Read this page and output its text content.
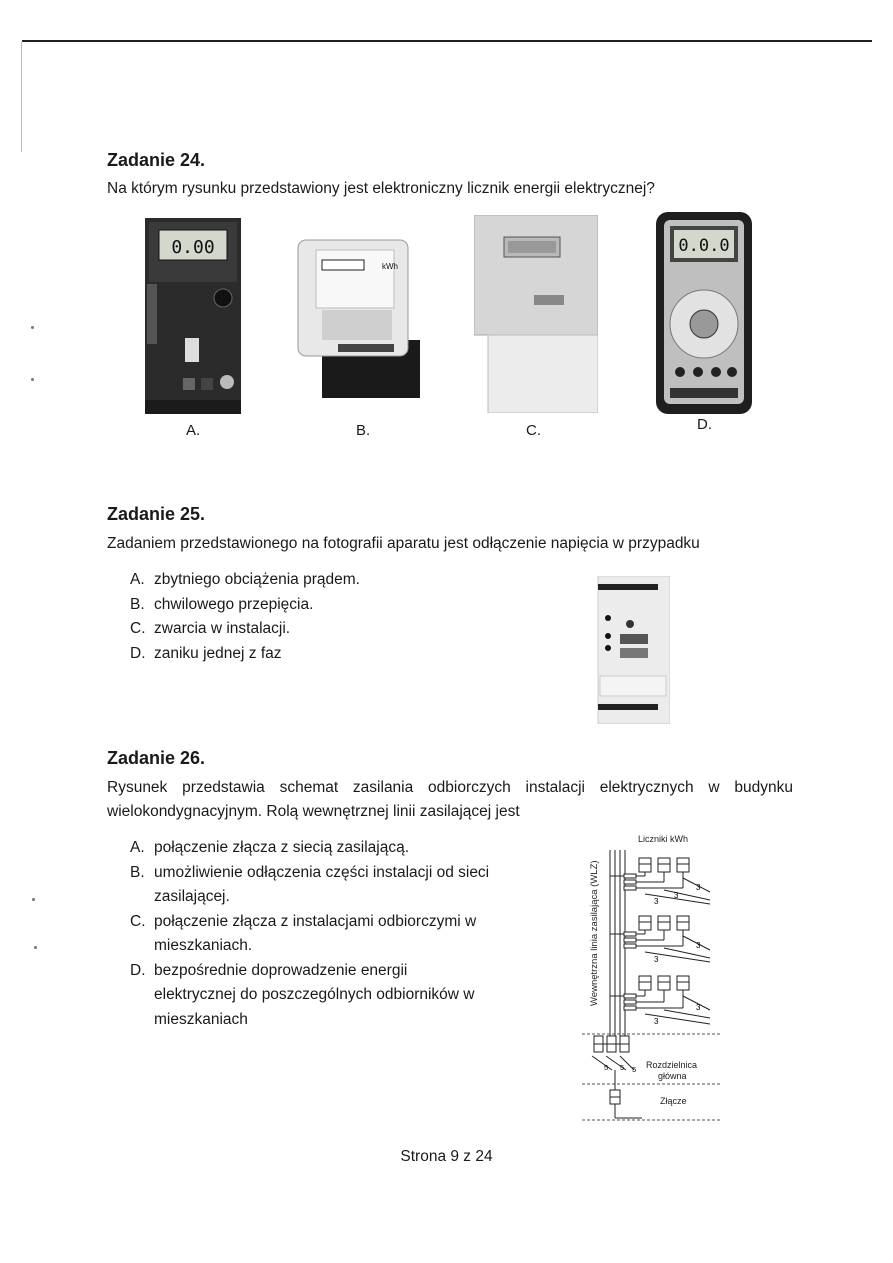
Zadanie 24.
Na którym rysunku przedstawiony jest elektroniczny licznik energii elektrycznej?
0.00
A.
kWh
B.	C.
0.0.0
D.
Zadanie 25.
Zadaniem przedstawionego na fotografii aparatu jest odłączenie napięcia w przypadku
A. zbytniego obciążenia prądem.
B. chwilowego przepięcia.
C. zwarcia w instalacji.
D. zaniku jednej z faz
Zadanie 26.
Rysunek przedstawia schemat zasilania odbiorczych instalacji elektrycznych w budynku
wielokondygnacyjnym. Rolą wewnętrznej linii zasilającej jest
A. połączenie złącza z siecią zasilającą.
B. umożliwienie odłączenia części instalacji od sieci zasilającej.
C. połączenie złącza z instalacjami odbiorczymi w mieszkaniach.
D. bezpośrednie doprowadzenie energii elektrycznej do poszczególnych odbiorników w mieszkaniach
Liczniki kWh
Wewnętrzna linia zasilająca (WLZ)	3
3
3
3
3
3
3
5 5 5 Rozdzielnica
główna
Złącze
Strona 9 z 24
